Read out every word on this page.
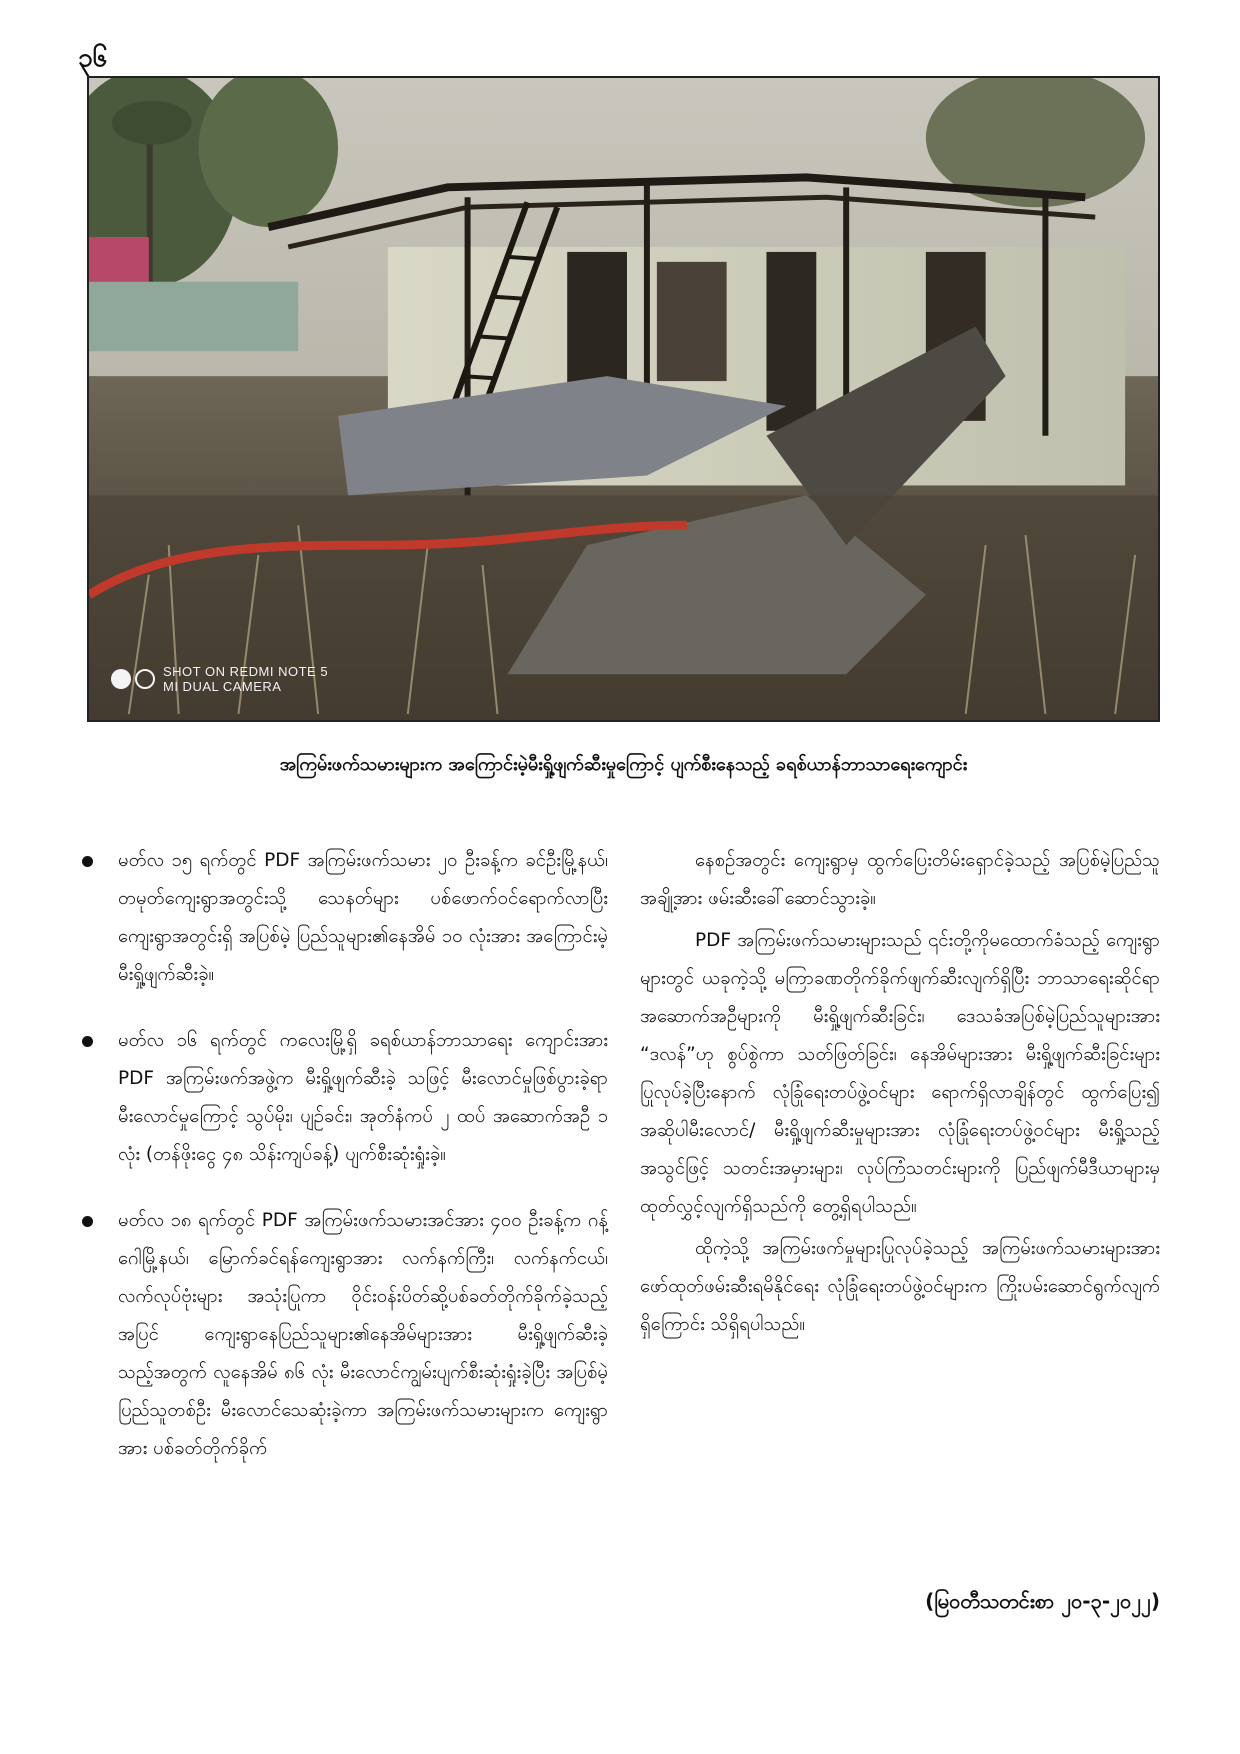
၃၆
SHOT ON REDMI NOTE 5
MI DUAL CAMERA
အကြမ်းဖက်သမားများက အကြောင်းမဲ့မီးရှို့ဖျက်ဆီးမှုကြောင့် ပျက်စီးနေသည့် ခရစ်ယာန်ဘာသာရေးကျောင်း
မတ်လ ၁၅ ရက်တွင် PDF အကြမ်းဖက်သမား ၂၀ ဦးခန့်က ခင်ဦးမြို့နယ်၊ တမုတ်ကျေးရွာအတွင်းသို့ သေနတ်များ ပစ်ဖောက်ဝင်ရောက်လာပြီး ကျေးရွာအတွင်းရှိ အပြစ်မဲ့ ပြည်သူများ၏နေအိမ် ၁၀ လုံးအား အကြောင်းမဲ့ မီးရှို့ဖျက်ဆီးခဲ့။
မတ်လ ၁၆ ရက်တွင် ကလေးမြို့ရှိ ခရစ်ယာန်ဘာသာရေး ကျောင်းအား PDF အကြမ်းဖက်အဖွဲ့က မီးရှို့ဖျက်ဆီးခဲ့ သဖြင့် မီးလောင်မှုဖြစ်ပွားခဲ့ရာ မီးလောင်မှုကြောင့် သွပ်မိုး၊ ပျဉ်ခင်း၊ အုတ်နံကပ် ၂ ထပ် အဆောက်အဦ ၁ လုံး (တန်ဖိုးငွေ ၄၈ သိန်းကျပ်ခန့်) ပျက်စီးဆုံးရှုံးခဲ့။
မတ်လ ၁၈ ရက်တွင် PDF အကြမ်းဖက်သမားအင်အား ၄၀၀ ဦးခန့်က ဂန့်ဂေါမြို့နယ်၊ မြောက်ခင်ရန်ကျေးရွာအား လက်နက်ကြီး၊ လက်နက်ငယ်၊ လက်လုပ်ဗုံးများ အသုံးပြုကာ ဝိုင်းဝန်းပိတ်ဆို့ပစ်ခတ်တိုက်ခိုက်ခဲ့သည့်အပြင် ကျေးရွာနေပြည်သူများ၏နေအိမ်များအား မီးရှို့ဖျက်ဆီးခဲ့သည့်အတွက် လူနေအိမ် ၈၆ လုံး မီးလောင်ကျွမ်းပျက်စီးဆုံးရှုံးခဲ့ပြီး အပြစ်မဲ့ပြည်သူတစ်ဦး မီးလောင်သေဆုံးခဲ့ကာ အကြမ်းဖက်သမားများက ကျေးရွာအား ပစ်ခတ်တိုက်ခိုက်

နေစဉ်အတွင်း ကျေးရွာမှ ထွက်ပြေးတိမ်းရှောင်ခဲ့သည့် အပြစ်မဲ့ပြည်သူအချို့အား ဖမ်းဆီးခေါ်ဆောင်သွားခဲ့။

PDF အကြမ်းဖက်သမားများသည် ၎င်းတို့ကိုမထောက်ခံသည့် ကျေးရွာများတွင် ယခုကဲ့သို့ မကြာခဏတိုက်ခိုက်ဖျက်ဆီးလျက်ရှိပြီး ဘာသာရေးဆိုင်ရာ အဆောက်အဦများကို မီးရှို့ဖျက်ဆီးခြင်း၊ ဒေသခံအပြစ်မဲ့ပြည်သူများအား “ဒလန်”ဟု စွပ်စွဲကာ သတ်ဖြတ်ခြင်း၊ နေအိမ်များအား မီးရှို့ဖျက်ဆီးခြင်းများ ပြုလုပ်ခဲ့ပြီးနောက် လုံခြုံရေးတပ်ဖွဲ့ဝင်များ ရောက်ရှိလာချိန်တွင် ထွက်ပြေး၍ အဆိုပါမီးလောင်/ မီးရှို့ဖျက်ဆီးမှုများအား လုံခြုံရေးတပ်ဖွဲ့ဝင်များ မီးရှို့သည့်အသွင်ဖြင့် သတင်းအမှားများ၊ လုပ်ကြံသတင်းများကို ပြည်ဖျက်မီဒီယာများမှ ထုတ်လွှင့်လျက်ရှိသည်ကို တွေ့ရှိရပါသည်။

ထိုကဲ့သို့ အကြမ်းဖက်မှုများပြုလုပ်ခဲ့သည့် အကြမ်းဖက်သမားများအား ဖော်ထုတ်ဖမ်းဆီးရမိနိုင်ရေး လုံခြုံရေးတပ်ဖွဲ့ဝင်များက ကြိုးပမ်းဆောင်ရွက်လျက်ရှိကြောင်း သိရှိရပါသည်။

(မြဝတီသတင်းစာ ၂၀-၃-၂၀၂၂)
